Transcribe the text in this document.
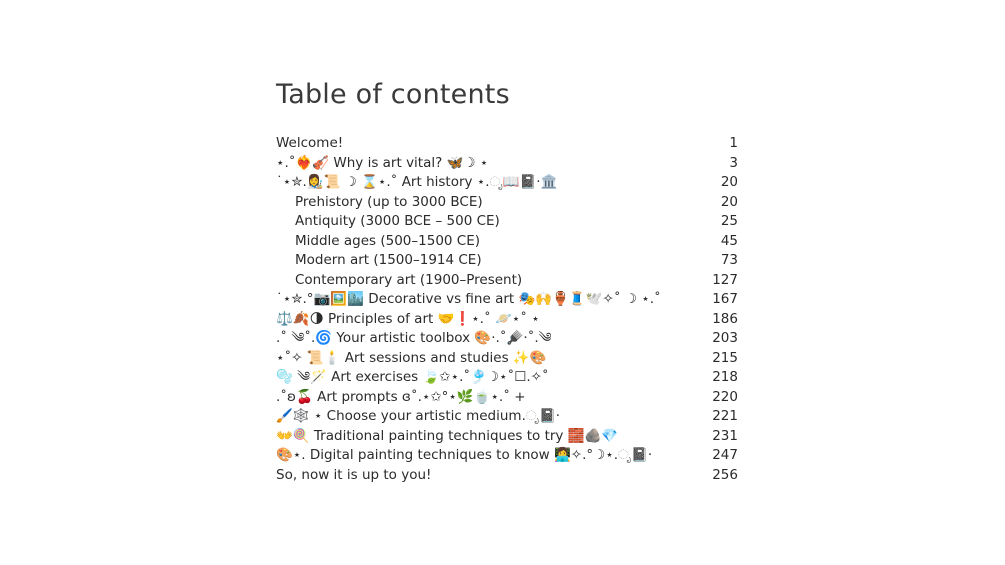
Table of contents
Welcome!	1
⋆.˚❤️‍🔥🎻 Why is art vital? 🦋☽ ⋆	3
˙⋆✮.👩‍🎨📜 ☽ ⌛⋆.˚ Art history ⋆.ೃ📖📓·🏛️	20
Prehistory (up to 3000 BCE)	20
Antiquity (3000 BCE – 500 CE)	25
Middle ages (500–1500 CE)	45
Modern art (1500–1914 CE)	73
Contemporary art (1900–Present)	127
˙⋆✮.°📷🖼️🏙️ Decorative vs fine art 🎭🙌🏺🧵🕊️✧˚ ☽ ⋆.˚	167
⚖️🍂🌗 Principles of art 🤝❗⋆.˚ 🪐⋆˚ ⋆	186
.˚ ༄˚.🌀 Your artistic toolbox 🎨·.˚🪮·˚.༄	203
⋆˚✧ 📜🕯️ Art sessions and studies ✨🎨	215
🫧 ༄🪄 Art exercises 🍃✩⋆.˚🎐☽⋆˚☐.✧˚	218
.˚ʚ🍒 Art prompts ɞ˚.⋆✩°⋆🌿🍵⋆.˚ +	220
🖌️🕸️ ⋆ Choose your artistic medium.ೃ📓·	221
👐🍭 Traditional painting techniques to try 🧱🪨💎	231
🎨⋆. Digital painting techniques to know 👩‍💻✧.°☽⋆.ೃ📓·	247
So, now it is up to you!	256
